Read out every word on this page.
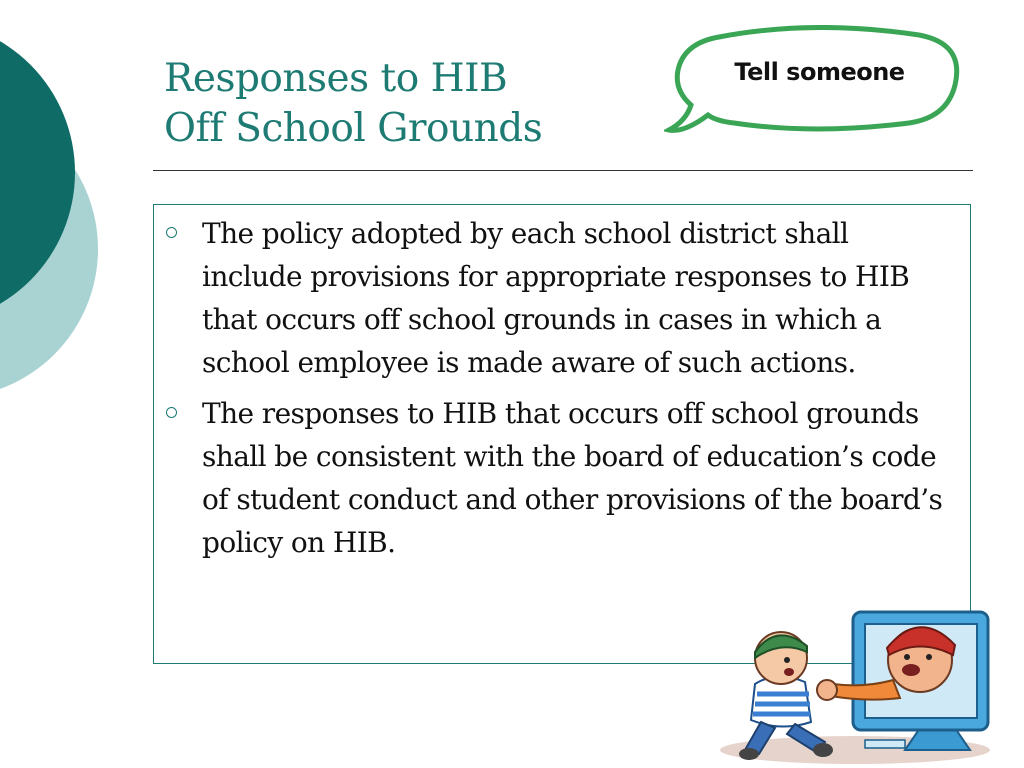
Responses to HIB
Off School Grounds
Tell someone
The policy adopted by each school district shall include provisions for appropriate responses to HIB that occurs off school grounds in cases in which a school employee is made aware of such actions.
The responses to HIB that occurs off school grounds shall be consistent with the board of education’s code of student conduct and other provisions of the board’s policy on HIB.
